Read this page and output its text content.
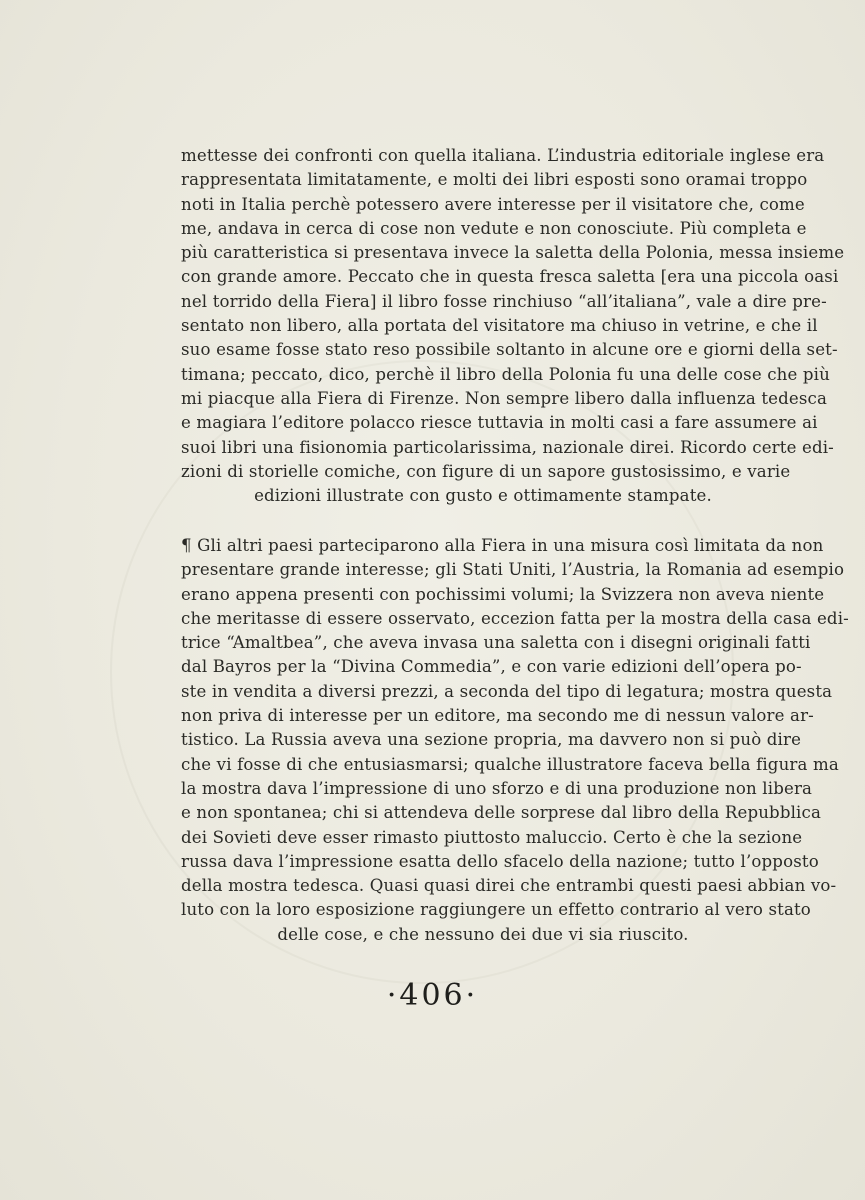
mettesse dei confronti con quella italiana. L’industria editoriale inglese era
rappresentata limitatamente, e molti dei libri esposti sono oramai troppo
noti in Italia perchè potessero avere interesse per il visitatore che, come
me, andava in cerca di cose non vedute e non conosciute. Più completa e
più caratteristica si presentava invece la saletta della Polonia, messa insieme
con grande amore. Peccato che in questa fresca saletta [era una piccola oasi
nel torrido della Fiera] il libro fosse rinchiuso “all’italiana”, vale a dire pre-
sentato non libero, alla portata del visitatore ma chiuso in vetrine, e che il
suo esame fosse stato reso possibile soltanto in alcune ore e giorni della set-
timana; peccato, dico, perchè il libro della Polonia fu una delle cose che più
mi piacque alla Fiera di Firenze. Non sempre libero dalla influenza tedesca
e magiara l’editore polacco riesce tuttavia in molti casi a fare assumere ai
suoi libri una fisionomia particolarissima, nazionale direi. Ricordo certe edi-
zioni di storielle comiche, con figure di un sapore gustosissimo, e varie
edizioni illustrate con gusto e ottimamente stampate.
¶ Gli altri paesi parteciparono alla Fiera in una misura così limitata da non
presentare grande interesse; gli Stati Uniti, l’Austria, la Romania ad esempio
erano appena presenti con pochissimi volumi; la Svizzera non aveva niente
che meritasse di essere osservato, eccezion fatta per la mostra della casa edi-
trice “Amaltbea”, che aveva invasa una saletta con i disegni originali fatti
dal Bayros per la “Divina Commedia”, e con varie edizioni dell’opera po-
ste in vendita a diversi prezzi, a seconda del tipo di legatura; mostra questa
non priva di interesse per un editore, ma secondo me di nessun valore ar-
tistico. La Russia aveva una sezione propria, ma davvero non si può dire
che vi fosse di che entusiasmarsi; qualche illustratore faceva bella figura ma
la mostra dava l’impressione di uno sforzo e di una produzione non libera
e non spontanea; chi si attendeva delle sorprese dal libro della Repubblica
dei Sovieti deve esser rimasto piuttosto maluccio. Certo è che la sezione
russa dava l’impressione esatta dello sfacelo della nazione; tutto l’opposto
della mostra tedesca. Quasi quasi direi che entrambi questi paesi abbian vo-
luto con la loro esposizione raggiungere un effetto contrario al vero stato
delle cose, e che nessuno dei due vi sia riuscito.
·406·
